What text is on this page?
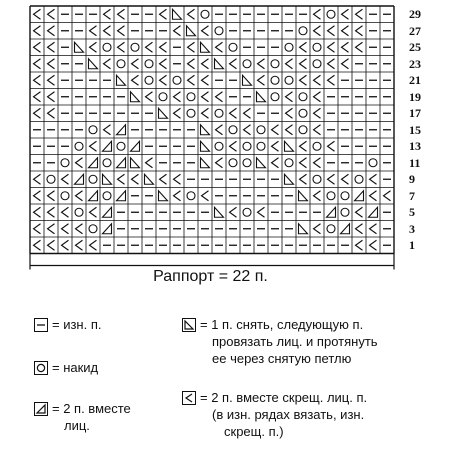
29
27
25
23
21
19
17
15
13
11
9
7
5
3
1
Раппорт = 22 п.
= изн. п.
= накид
= 2 п. вместе
лиц.
= 1 п. снять, следующую п.
провязать лиц. и протянуть
ее через снятую петлю
= 2 п. вместе скрещ. лиц. п.
(в изн. рядах вязать, изн.
скрещ. п.)
